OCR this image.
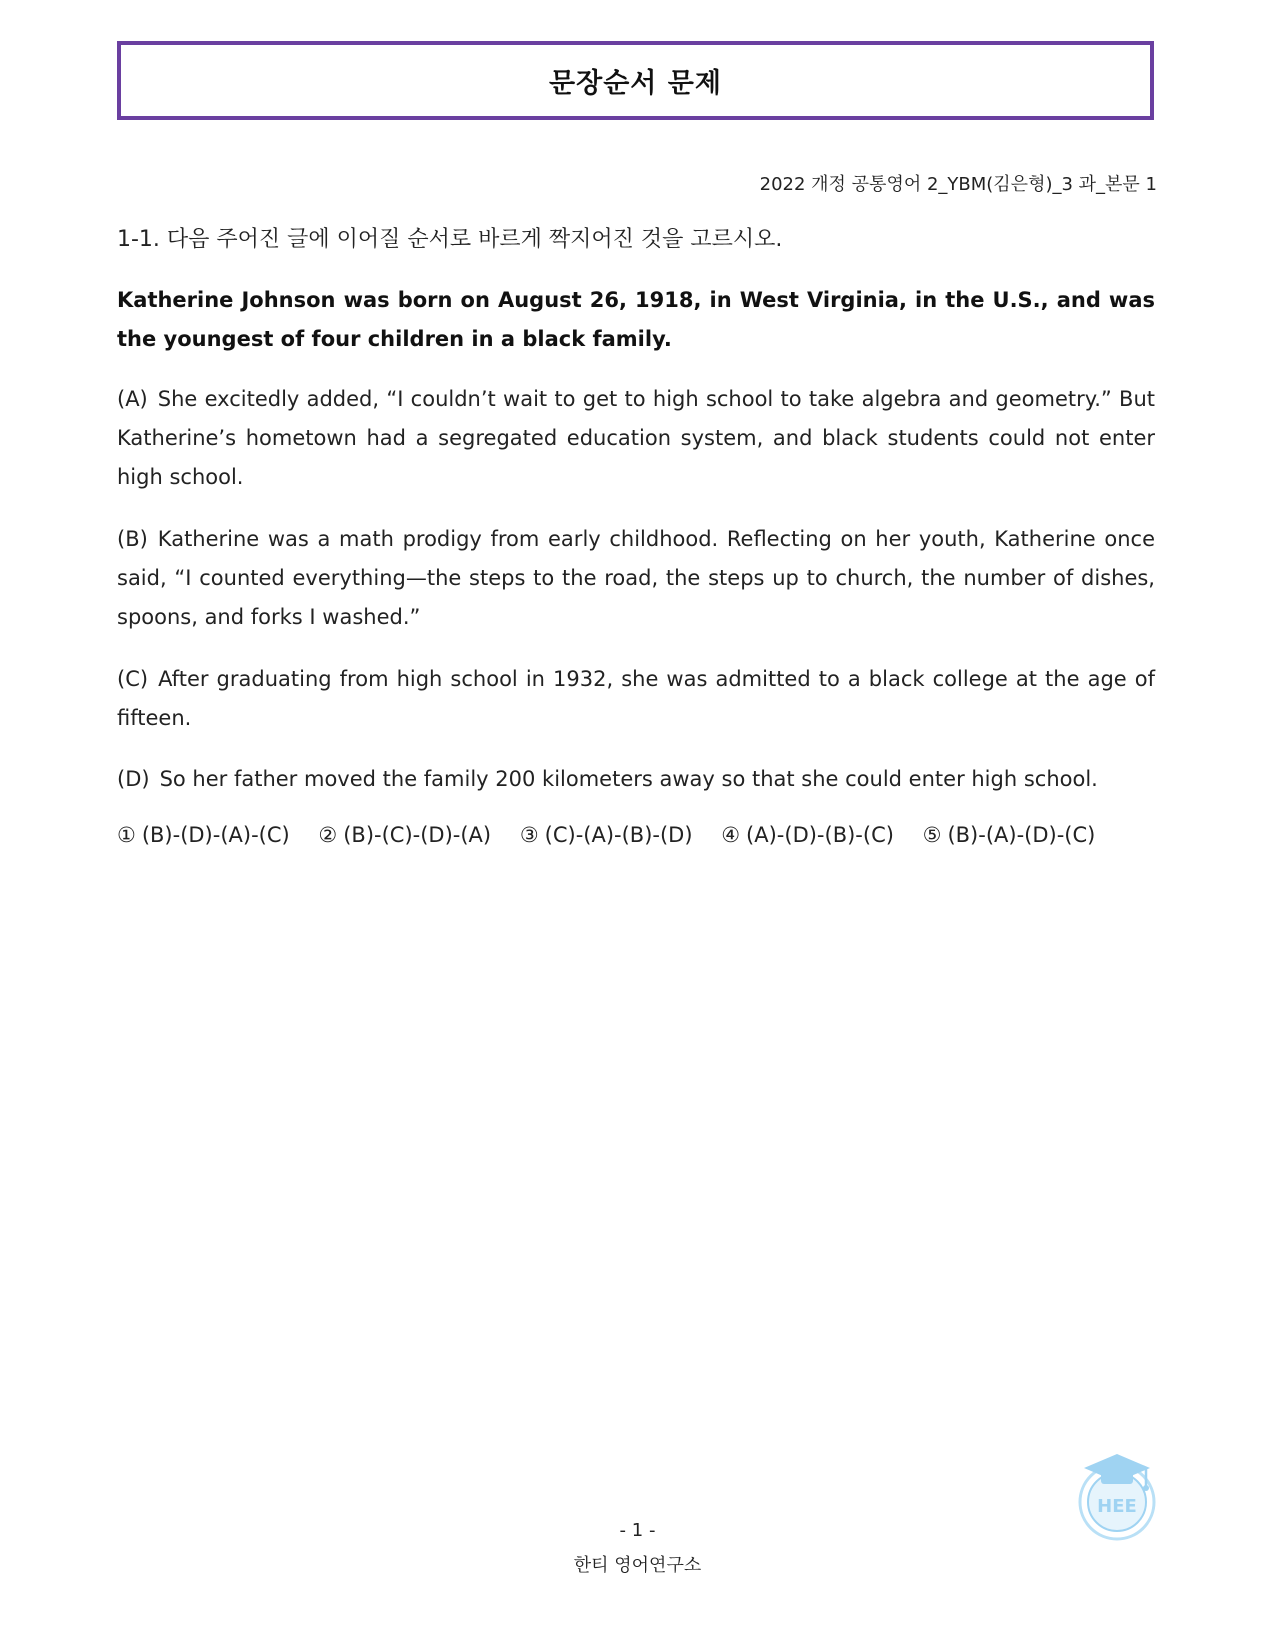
문장순서 문제
2022 개정 공통영어 2_YBM(김은형)_3 과_본문 1
1-1. 다음 주어진 글에 이어질 순서로 바르게 짝지어진 것을 고르시오.
Katherine Johnson was born on August 26, 1918, in West Virginia, in the U.S., and was the youngest of four children in a black family.
(A) She excitedly added, “I couldn’t wait to get to high school to take algebra and geometry.” But Katherine’s hometown had a segregated education system, and black students could not enter high school.
(B) Katherine was a math prodigy from early childhood. Reflecting on her youth, Katherine once said, “I counted everything—the steps to the road, the steps up to church, the number of dishes, spoons, and forks I washed.”
(C) After graduating from high school in 1932, she was admitted to a black college at the age of fifteen.
(D) So her father moved the family 200 kilometers away so that she could enter high school.
① (B)-(D)-(A)-(C) ② (B)-(C)-(D)-(A) ③ (C)-(A)-(B)-(D) ④ (A)-(D)-(B)-(C) ⑤ (B)-(A)-(D)-(C)
- 1 -
한티 영어연구소
HEE
